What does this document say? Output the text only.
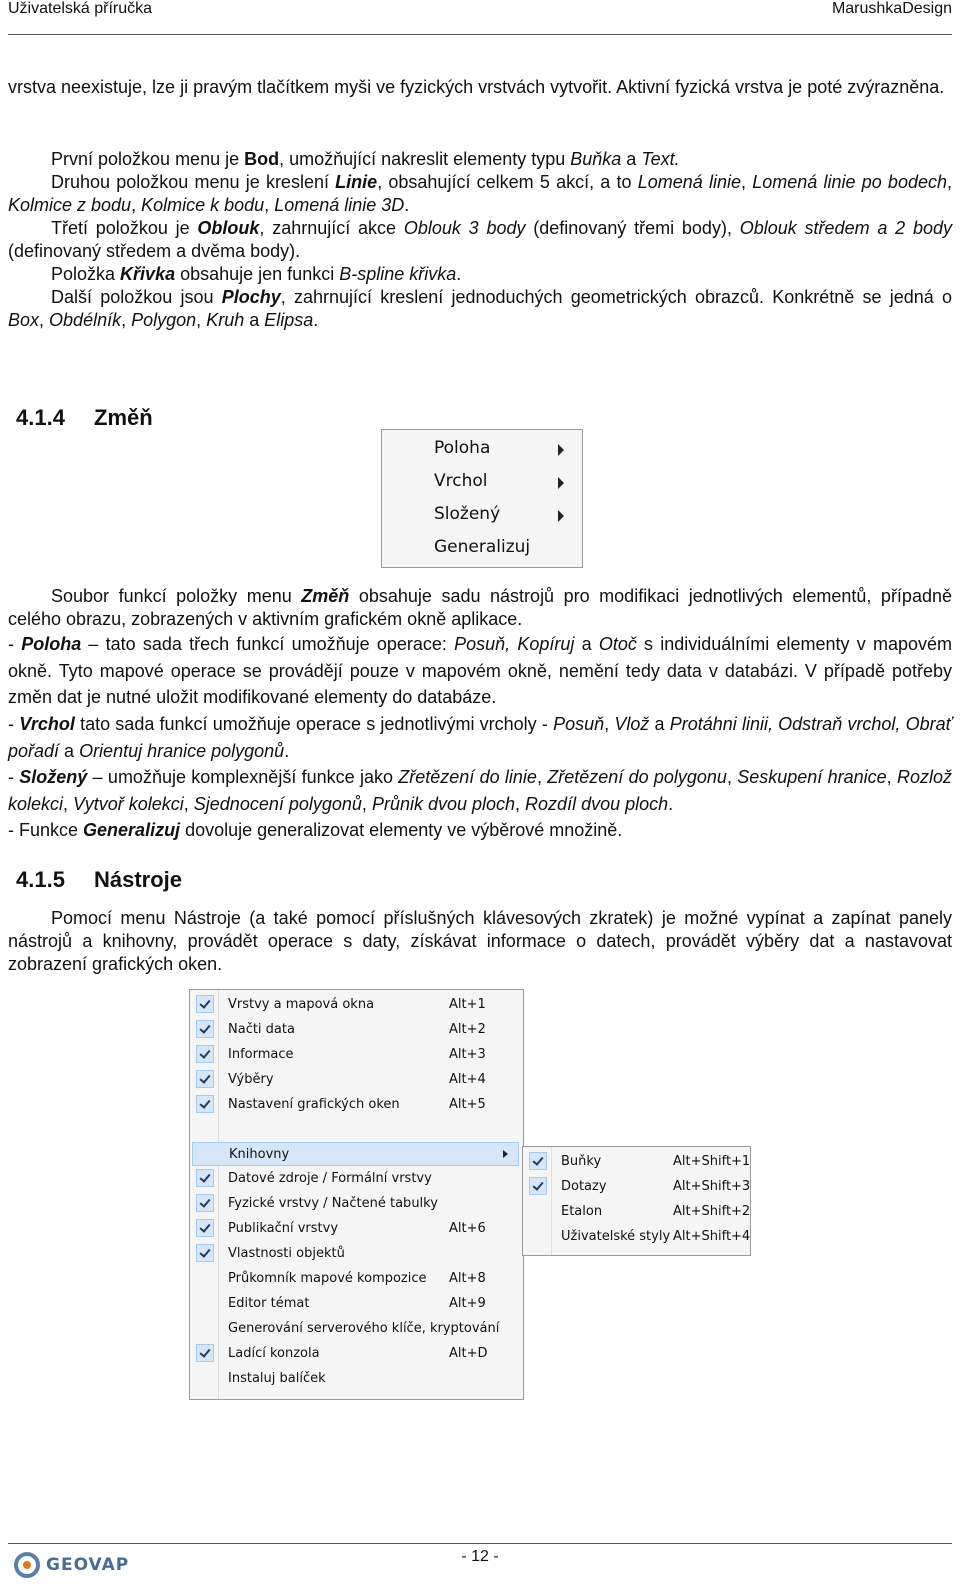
Uživatelská příručka	MarushkaDesign

vrstva neexistuje, lze ji pravým tlačítkem myši ve fyzických vrstvách vytvořit. Aktivní fyzická vrstva je poté zvýrazněna.

První položkou menu je Bod, umožňující nakreslit elementy typu Buňka a Text.

Druhou položkou menu je kreslení Linie, obsahující celkem 5 akcí, a to Lomená linie, Lomená linie po bodech, Kolmice z bodu, Kolmice k bodu, Lomená linie 3D.

Třetí položkou je Oblouk, zahrnující akce Oblouk 3 body (definovaný třemi body), Oblouk středem a 2 body (definovaný středem a dvěma body).

Položka Křivka obsahuje jen funkci B-spline křivka.

Další položkou jsou Plochy, zahrnující kreslení jednoduchých geometrických obrazců. Konkrétně se jedná o Box, Obdélník, Polygon, Kruh a Elipsa.

4.1.4 Změň
Poloha
Vrchol
Složený
Generalizuj

Soubor funkcí položky menu Změň obsahuje sadu nástrojů pro modifikaci jednotlivých elementů, případně celého obrazu, zobrazených v aktivním grafickém okně aplikace.

- Poloha – tato sada třech funkcí umožňuje operace: Posuň, Kopíruj a Otoč s individuálními elementy v mapovém okně. Tyto mapové operace se provádějí pouze v mapovém okně, nemění tedy data v databázi. V případě potřeby změn dat je nutné uložit modifikované elementy do databáze.

- Vrchol tato sada funkcí umožňuje operace s jednotlivými vrcholy - Posuň, Vlož a Protáhni linii, Odstraň vrchol, Obrať pořadí a Orientuj hranice polygonů.

- Složený – umožňuje komplexnější funkce jako Zřetězení do linie, Zřetězení do polygonu, Seskupení hranice, Rozlož kolekci, Vytvoř kolekci, Sjednocení polygonů, Průnik dvou ploch, Rozdíl dvou ploch.

- Funkce Generalizuj dovoluje generalizovat elementy ve výběrové množině.

4.1.5 Nástroje

Pomocí menu Nástroje (a také pomocí příslušných klávesových zkratek) je možné vypínat a zapínat panely nástrojů a knihovny, provádět operace s daty, získávat informace o datech, provádět výběry dat a nastavovat zobrazení grafických oken.

Vrstvy a mapová okna	Alt+1
Načti data	Alt+2
Informace	Alt+3
Výběry	Alt+4
Nastavení grafických oken	Alt+5
Knihovny
Datové zdroje / Formální vrstvy
Fyzické vrstvy / Načtené tabulky
Publikační vrstvy	Alt+6
Vlastnosti objektů
Průkomník mapové kompozice Alt+8
Editor témat	Alt+9
Generování serverového klíče, kryptování
Ladící konzola	Alt+D
Instaluj balíček
Buňky	Alt+Shift+1
Dotazy	Alt+Shift+3
Etalon	Alt+Shift+2
Uživatelské styly Alt+Shift+4
GEOVAP	- 12 -
